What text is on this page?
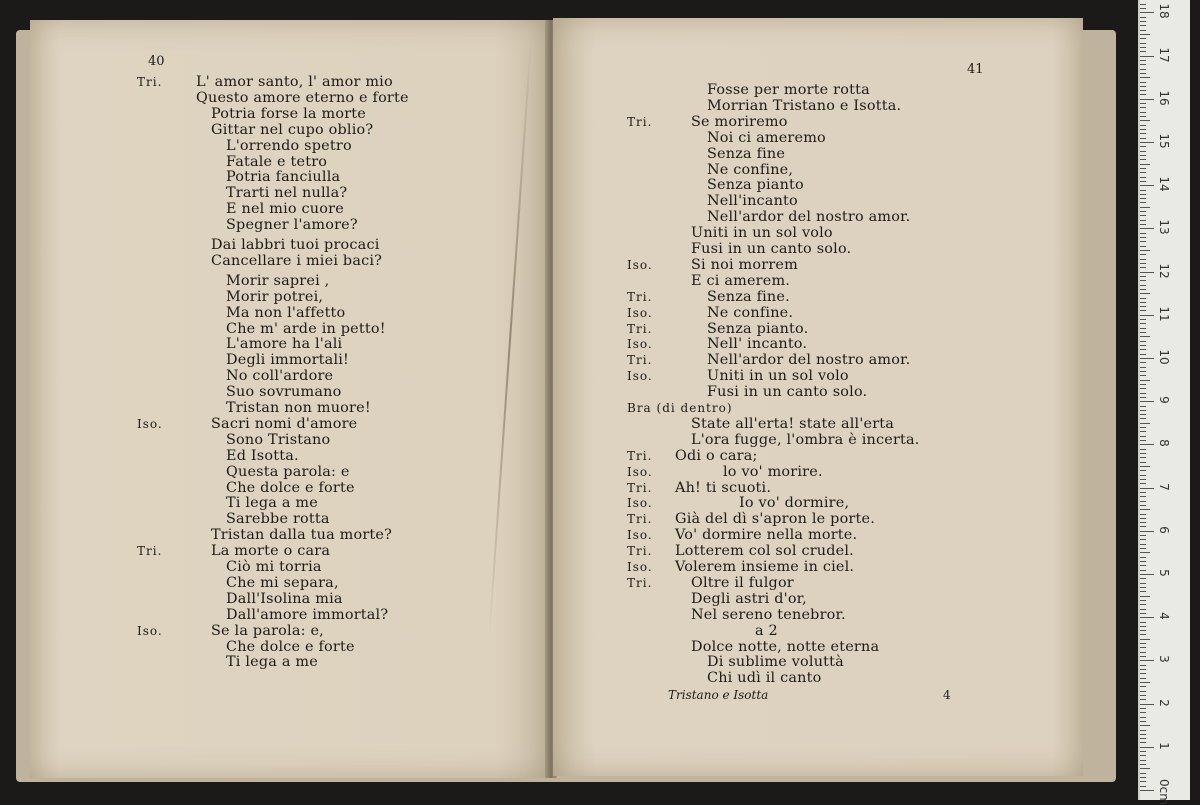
40
Tri. L' amor santo, l' amor mio
Questo amore eterno e forte
Potria forse la morte
Gittar nel cupo oblio?
L'orrendo spetro
Fatale e tetro
Potria fanciulla
Trarti nel nulla?
E nel mio cuore
Spegner l'amore?
Dai labbri tuoi procaci
Cancellare i miei baci?
Morir saprei ,
Morir potrei,
Ma non l'affetto
Che m' arde in petto!
L'amore ha l'ali
Degli immortali!
No coll'ardore
Suo sovrumano
Tristan non muore!
Iso.	Sacri nomi d'amore
Sono Tristano
Ed Isotta.
Questa parola: e
Che dolce e forte
Ti lega a me
Sarebbe rotta
Tristan dalla tua morte?
Tri.	La morte o cara
Ciò mi torria
Che mi separa,
Dall'Isolina mia
Dall'amore immortal?
Iso.	Se la parola: e,
Che dolce e forte
Ti lega a me
41
Fosse per morte rotta
Morrian Tristano e Isotta.
Tri.	Se moriremo
Noi ci ameremo
Senza fine
Ne confine,
Senza pianto
Nell'incanto
Nell'ardor del nostro amor.
Uniti in un sol volo
Fusi in un canto solo.
Iso.	Si noi morrem
E ci amerem.
Tri.	Senza fine.
Iso.	Ne confine.
Tri.	Senza pianto.
Iso.	Nell' incanto.
Tri.	Nell'ardor del nostro amor.
Iso.	Uniti in un sol volo
Fusi in un canto solo.
Bra (di dentro)
State all'erta! state all'erta
L'ora fugge, l'ombra è incerta.
Tri. Odi o cara;
Iso.	lo vo' morire.
Tri. Ah! ti scuoti.
Iso.	Io vo' dormire,
Tri. Già del dì s'apron le porte.
Iso. Vo' dormire nella morte.
Tri. Lotterem col sol crudel.
Iso. Volerem insieme in ciel.
Tri.	Oltre il fulgor
Degli astri d'or,
Nel sereno tenebror.
a 2
Dolce notte, notte eterna
Di sublime voluttà
Chi udì il canto
Tristano e Isotta	4
0cm
1
2
3
4
5
6
7
8
9
10
11
12
13
14
15
16
17
18
